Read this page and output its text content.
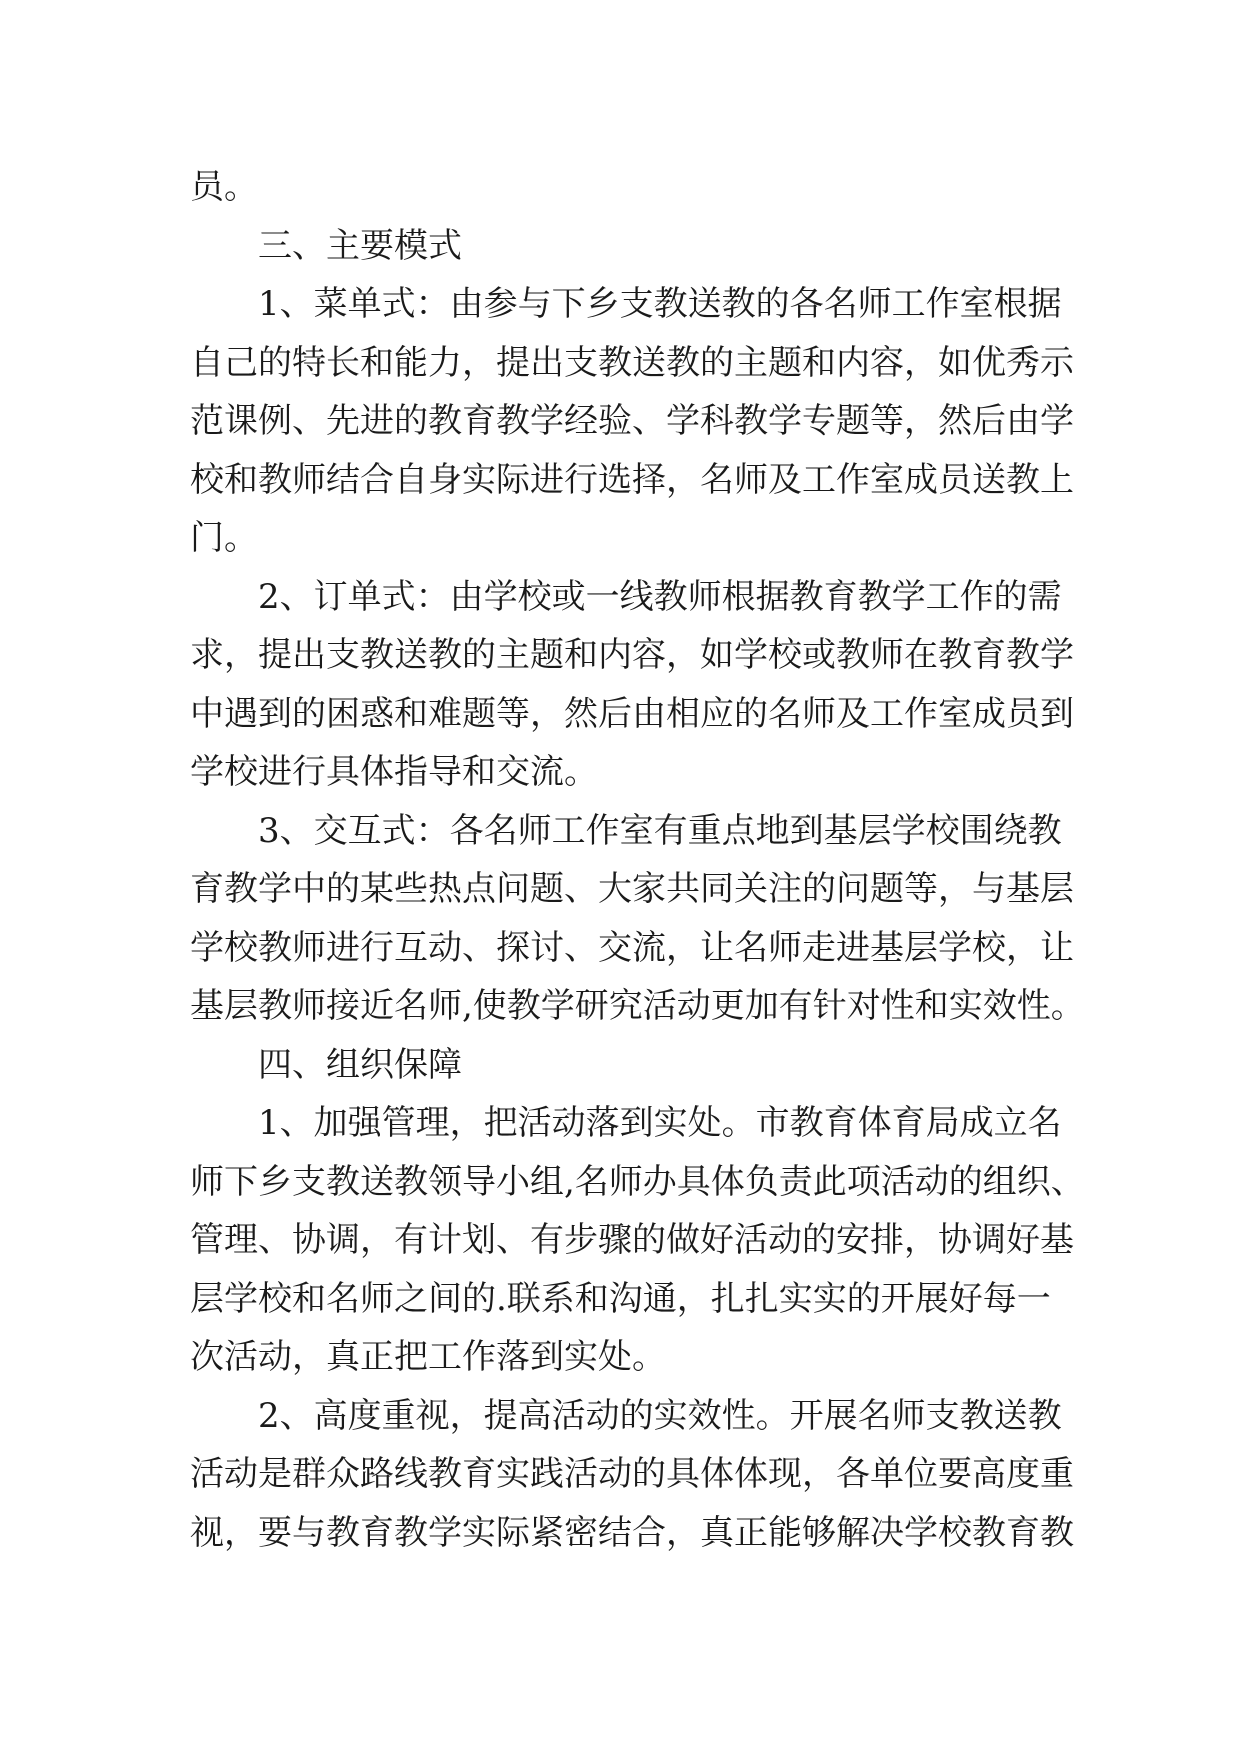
员。
三、主要模式
1、菜单式：由参与下乡支教送教的各名师工作室根据
自己的特长和能力，提出支教送教的主题和内容，如优秀示
范课例、先进的教育教学经验、学科教学专题等，然后由学
校和教师结合自身实际进行选择，名师及工作室成员送教上
门。
2、订单式：由学校或一线教师根据教育教学工作的需
求，提出支教送教的主题和内容，如学校或教师在教育教学
中遇到的困惑和难题等，然后由相应的名师及工作室成员到
学校进行具体指导和交流。
3、交互式：各名师工作室有重点地到基层学校围绕教
育教学中的某些热点问题、大家共同关注的问题等，与基层
学校教师进行互动、探讨、交流，让名师走进基层学校，让
基层教师接近名师,使教学研究活动更加有针对性和实效性。
四、组织保障
1、加强管理，把活动落到实处。市教育体育局成立名
师下乡支教送教领导小组,名师办具体负责此项活动的组织、
管理、协调，有计划、有步骤的做好活动的安排，协调好基
层学校和名师之间的.联系和沟通，扎扎实实的开展好每一
次活动，真正把工作落到实处。
2、高度重视，提高活动的实效性。开展名师支教送教
活动是群众路线教育实践活动的具体体现，各单位要高度重
视，要与教育教学实际紧密结合，真正能够解决学校教育教
